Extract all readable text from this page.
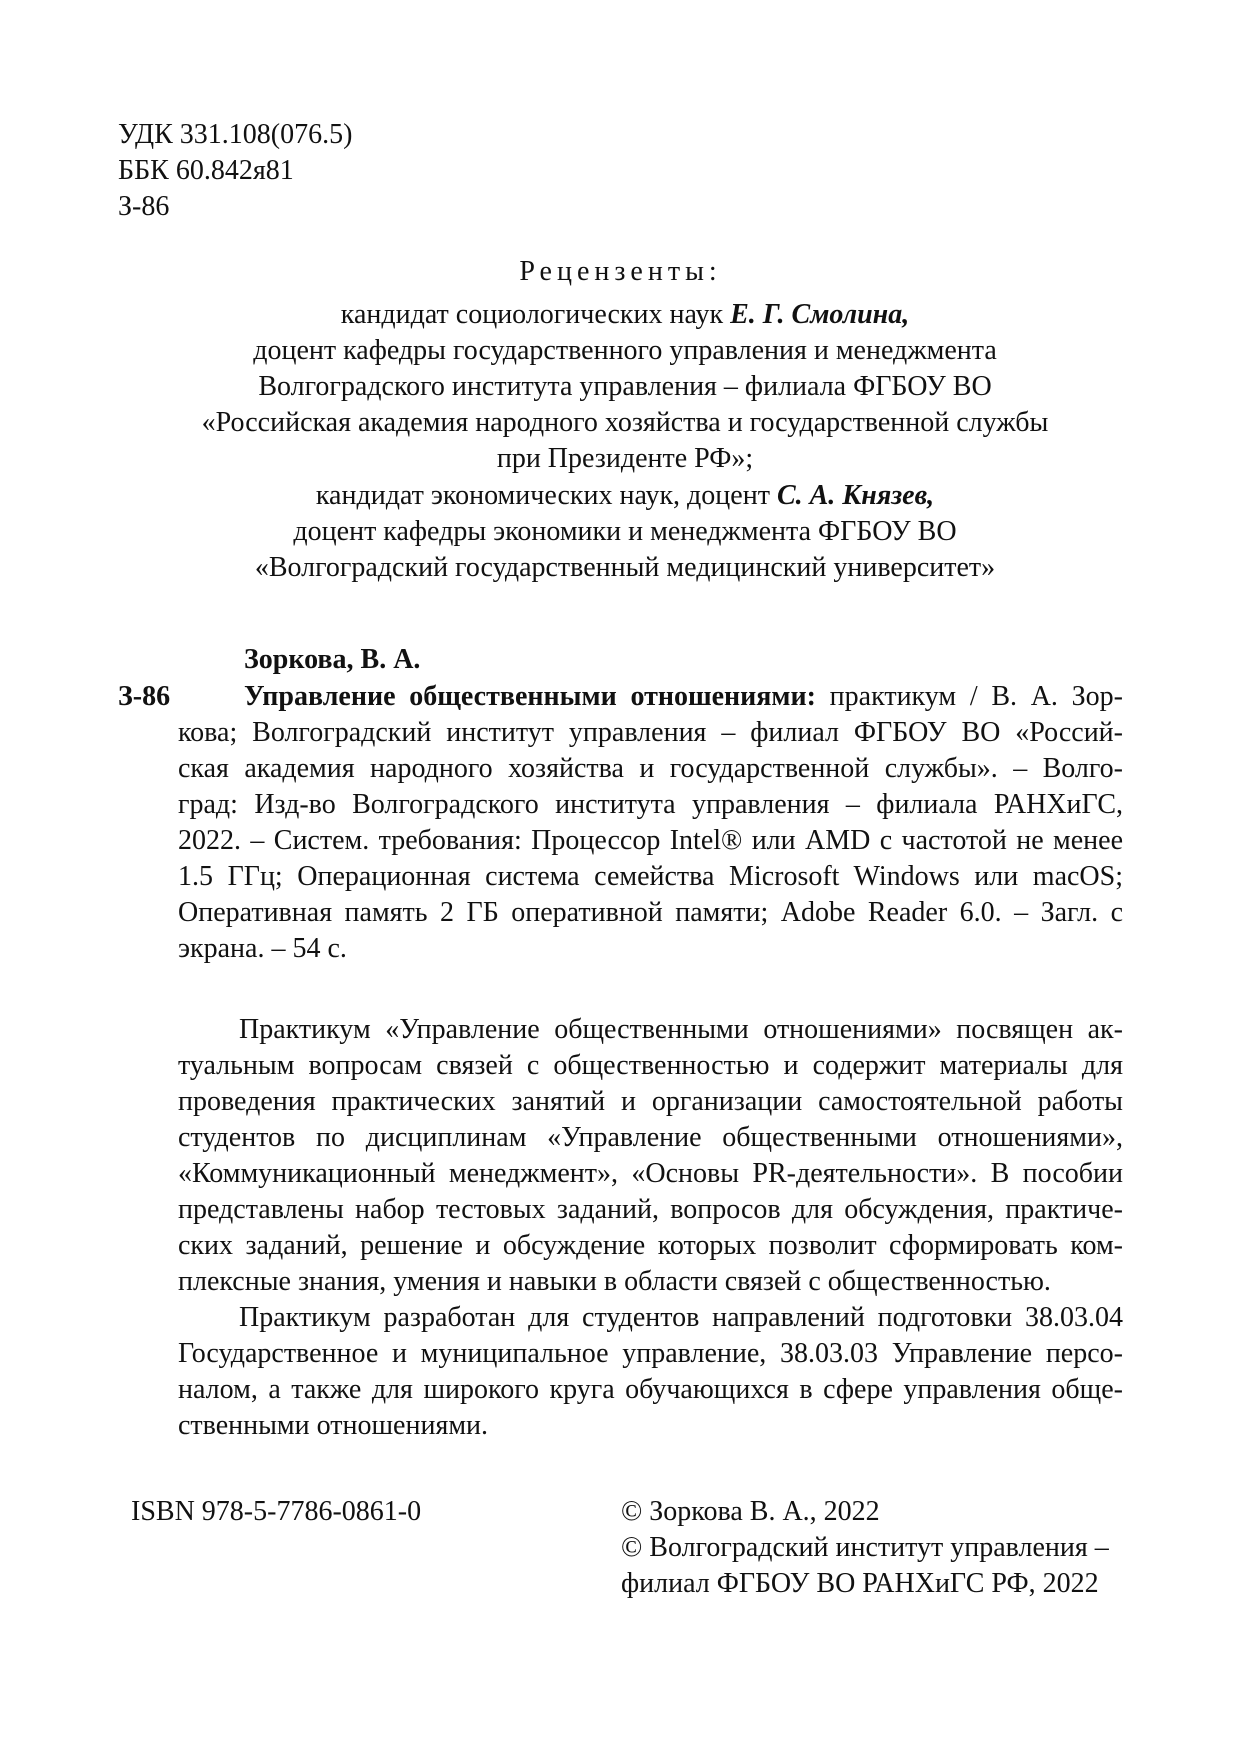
УДК 331.108(076.5)
ББК 60.842я81
З-86
Рецензенты:
кандидат социологических наук Е. Г. Смолина,
доцент кафедры государственного управления и менеджмента
Волгоградского института управления – филиала ФГБОУ ВО
«Российская академия народного хозяйства и государственной службы
при Президенте РФ»;
кандидат экономических наук, доцент С. А. Князев,
доцент кафедры экономики и менеджмента ФГБОУ ВО
«Волгоградский государственный медицинский университет»
Зоркова, В. А.
З-86	Управление общественными отношениями: практикум / В. А. Зор-
кова; Волгоградский институт управления – филиал ФГБОУ ВО «Россий-
ская академия народного хозяйства и государственной службы». – Волго-
град: Изд-во Волгоградского института управления – филиала РАНХиГС,
2022. – Систем. требования: Процессор Intel® или AMD с частотой не менее
1.5 ГГц; Операционная система семейства Microsoft Windows или macOS;
Оперативная память 2 ГБ оперативной памяти; Adobe Reader 6.0. – Загл. с
экрана. – 54 с.
Практикум «Управление общественными отношениями» посвящен ак-
туальным вопросам связей с общественностью и содержит материалы для
проведения практических занятий и организации самостоятельной работы
студентов по дисциплинам «Управление общественными отношениями»,
«Коммуникационный менеджмент», «Основы PR-деятельности». В пособии
представлены набор тестовых заданий, вопросов для обсуждения, практиче-
ских заданий, решение и обсуждение которых позволит сформировать ком-
плексные знания, умения и навыки в области связей с общественностью.
Практикум разработан для студентов направлений подготовки 38.03.04
Государственное и муниципальное управление, 38.03.03 Управление персо-
налом, а также для широкого круга обучающихся в сфере управления обще-
ственными отношениями.
ISBN 978-5-7786-0861-0	© Зоркова В. А., 2022
© Волгоградский институт управления –
филиал ФГБОУ ВО РАНХиГС РФ, 2022
